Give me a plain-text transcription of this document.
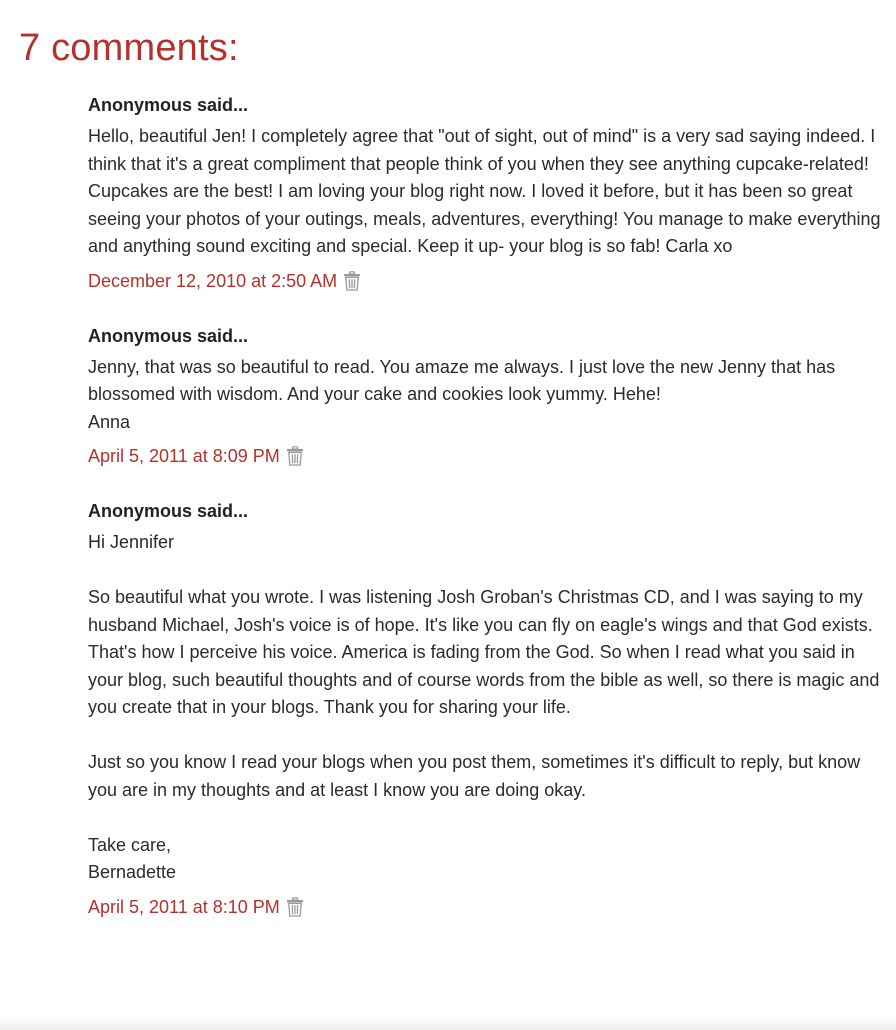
7 comments:
Anonymous said...

Hello, beautiful Jen! I completely agree that "out of sight, out of mind" is a very sad saying indeed. I think that it's a great compliment that people think of you when they see anything cupcake-related! Cupcakes are the best! I am loving your blog right now. I loved it before, but it has been so great seeing your photos of your outings, meals, adventures, everything! You manage to make everything and anything sound exciting and special. Keep it up- your blog is so fab! Carla xo

December 12, 2010 at 2:50 AM
Anonymous said...

Jenny, that was so beautiful to read. You amaze me always. I just love the new Jenny that has blossomed with wisdom. And your cake and cookies look yummy. Hehe!
Anna

April 5, 2011 at 8:09 PM
Anonymous said...

Hi Jennifer

So beautiful what you wrote. I was listening Josh Groban's Christmas CD, and I was saying to my husband Michael, Josh's voice is of hope. It's like you can fly on eagle's wings and that God exists. That's how I perceive his voice. America is fading from the God. So when I read what you said in your blog, such beautiful thoughts and of course words from the bible as well, so there is magic and you create that in your blogs. Thank you for sharing your life.

Just so you know I read your blogs when you post them, sometimes it's difficult to reply, but know you are in my thoughts and at least I know you are doing okay.

Take care,
Bernadette

April 5, 2011 at 8:10 PM
